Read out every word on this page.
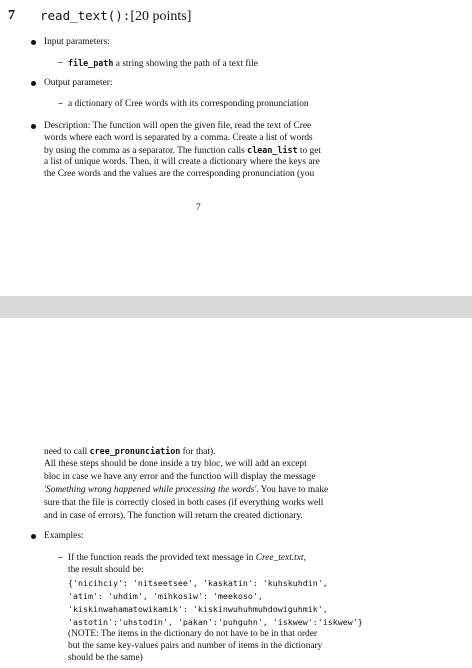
7 read_text():[20 points]
Input parameters:
– file_path a string showing the path of a text file
Output parameter:
– a dictionary of Cree words with its corresponding pronunciation
Description: The function will open the given file, read the text of Cree
words where each word is separated by a comma. Create a list of words
by using the comma as a separator. The function calls clean_list to get
a list of unique words. Then, it will create a dictionary where the keys are
the Cree words and the values are the corresponding pronunciation (you
7
need to call cree_pronunciation for that).
All these steps should be done inside a try bloc, we will add an except
bloc in case we have any error and the function will display the message
'Something wrong happened while processing the words'. You have to make
sure that the file is correctly closed in both cases (if everything works well
and in case of errors). The function will return the created dictionary.
Examples:
– If the function reads the provided text message in Cree_text.txt,
the result should be:
{'nicihciy': 'nitseetsee', 'kaskatin': 'kuhskuhdin',
'atim': 'uhdim', 'mihkosiw': 'meekoso',
'kiskinwahamatowikamik': 'kiskinwuhuhmuhdowiguhmik',
'astotin':'uhstodin', 'pakan':'puhguhn', 'iskwew':'iskwew'}
(NOTE: The items in the dictionary do not have to be in that order
but the same key-values pairs and number of items in the dictionary
should be the same)
